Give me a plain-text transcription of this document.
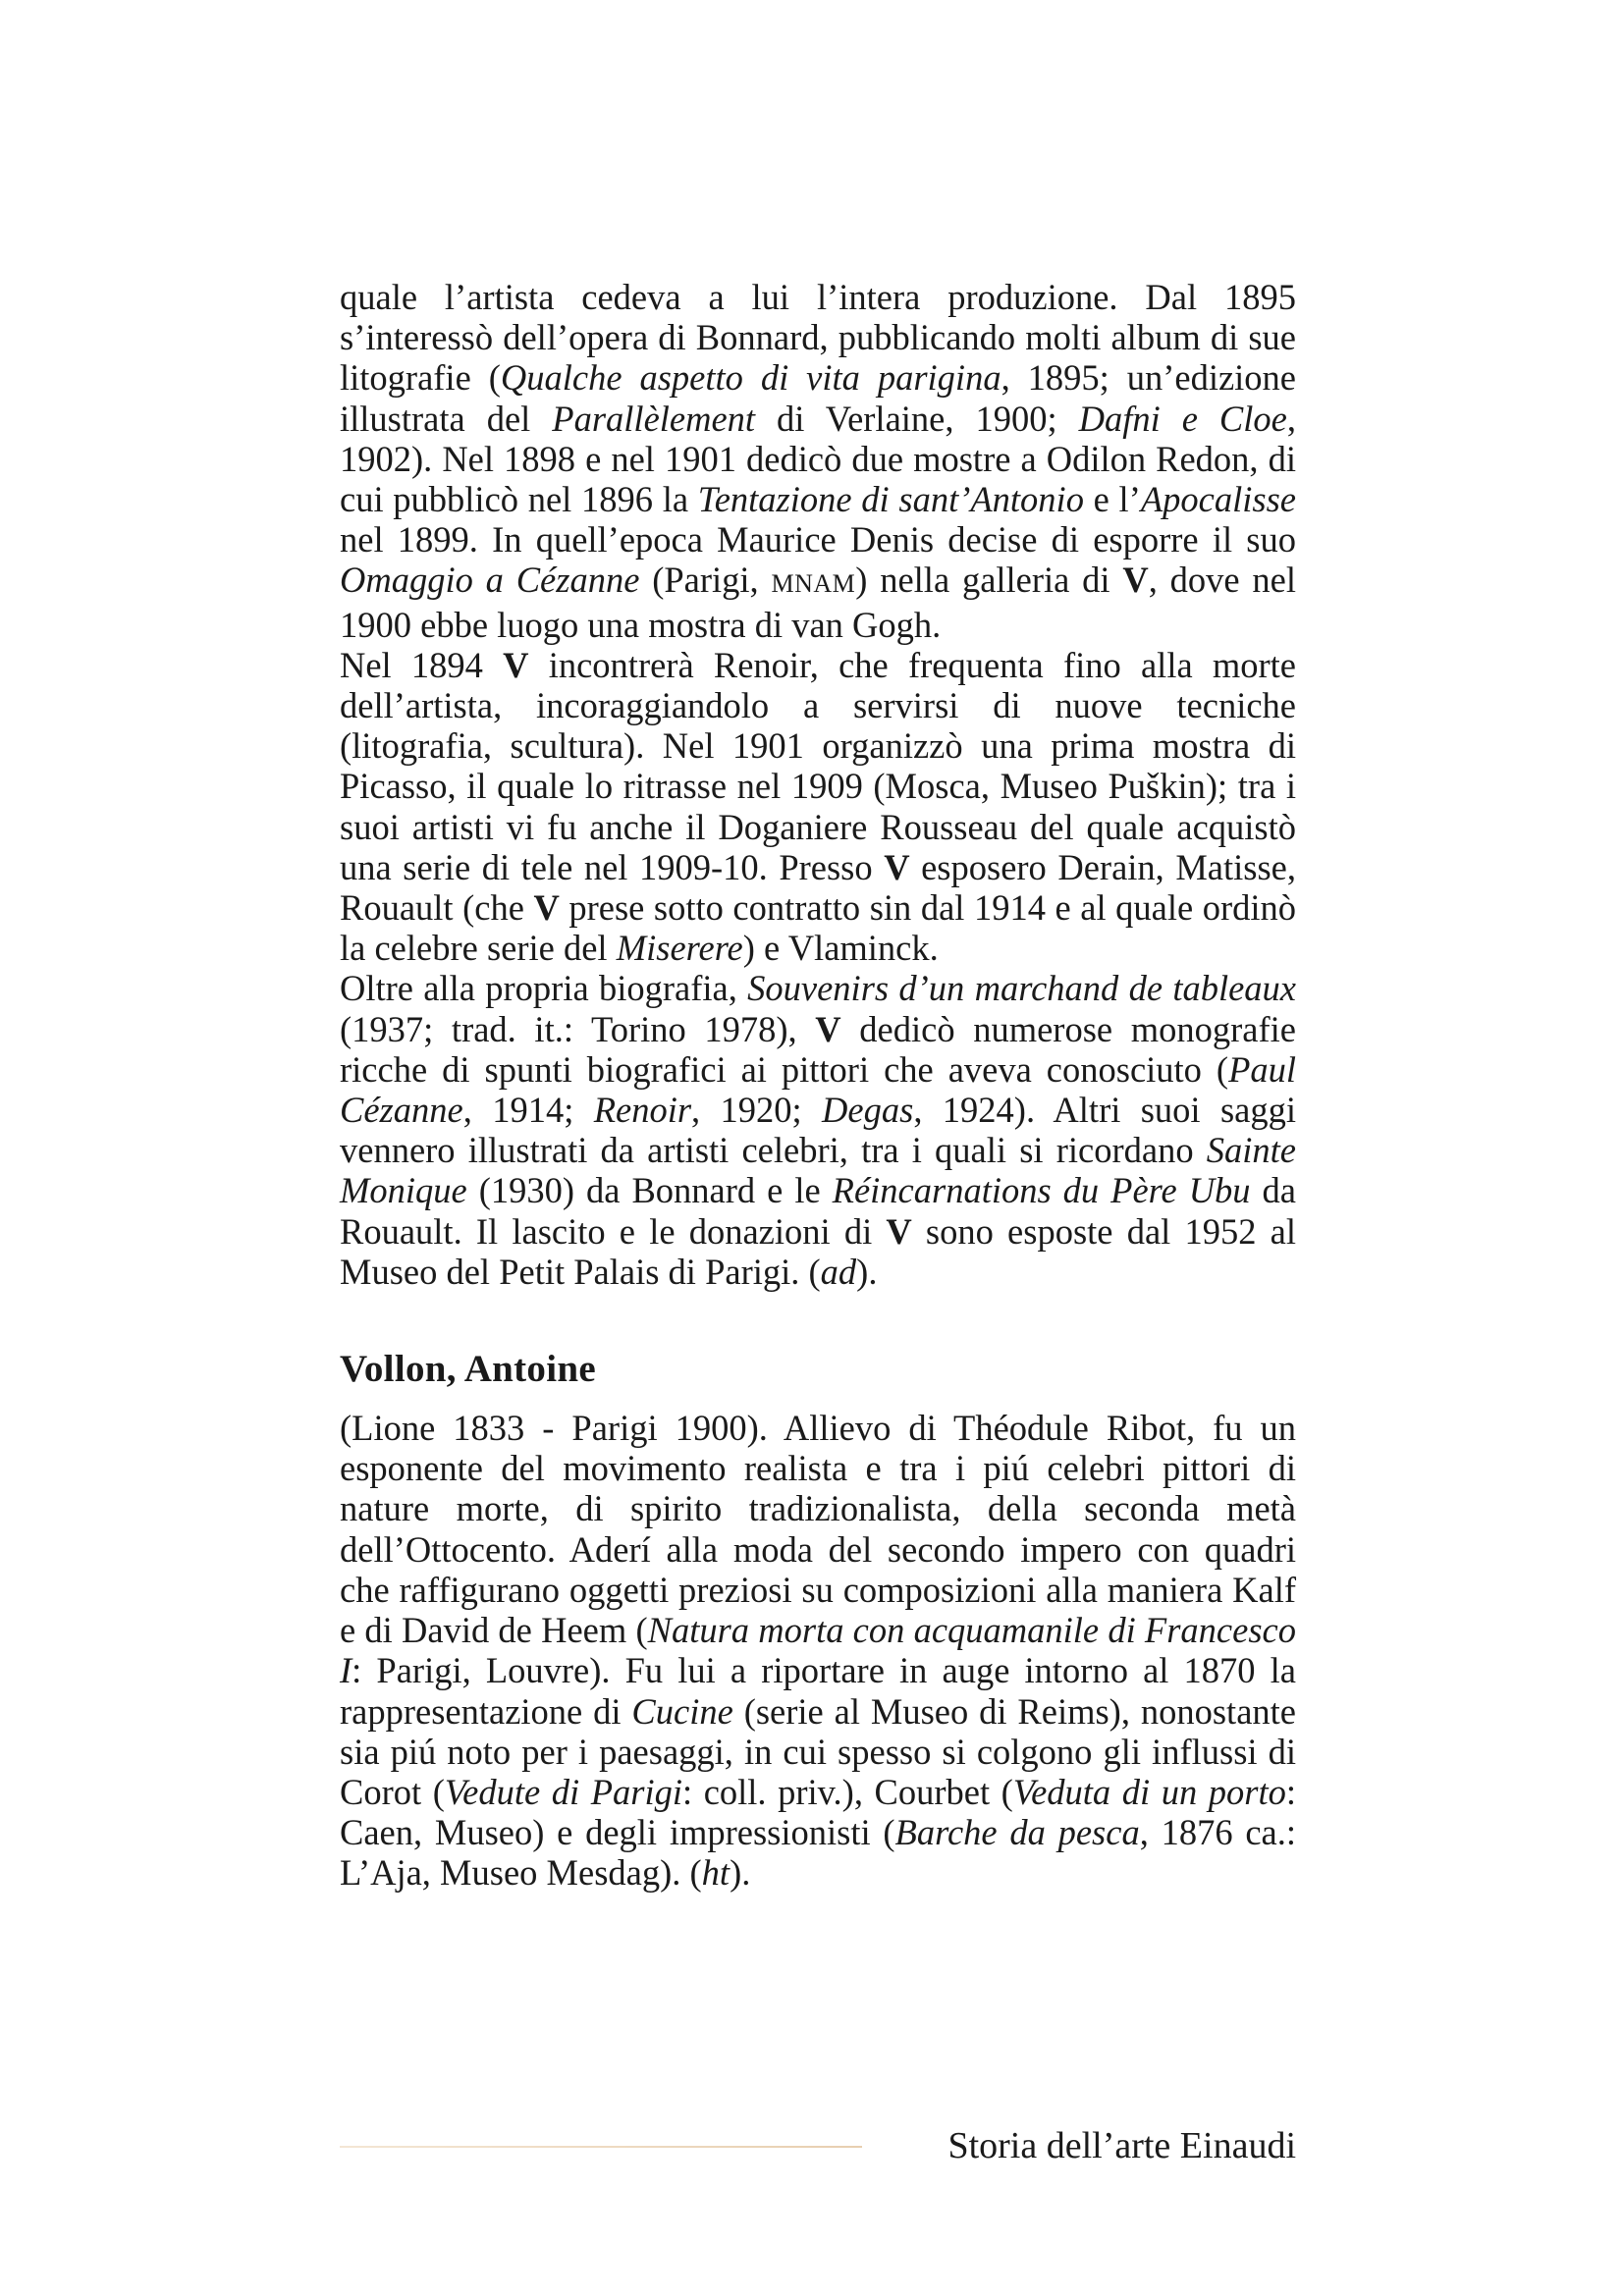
quale l’artista cedeva a lui l’intera produzione. Dal 1895 s’interessò dell’opera di Bonnard, pubblicando molti album di sue litografie (Qualche aspetto di vita parigina, 1895; un’edizione illustrata del Parallèlement di Verlaine, 1900; Dafni e Cloe, 1902). Nel 1898 e nel 1901 dedicò due mostre a Odilon Redon, di cui pubblicò nel 1896 la Tentazione di sant’Antonio e l’Apocalisse nel 1899. In quell’epoca Maurice Denis decise di esporre il suo Omaggio a Cézanne (Parigi, MNAM) nella galleria di V, dove nel 1900 ebbe luogo una mostra di van Gogh.

Nel 1894 V incontrerà Renoir, che frequenta fino alla morte dell’artista, incoraggiandolo a servirsi di nuove tecniche (litografia, scultura). Nel 1901 organizzò una prima mostra di Picasso, il quale lo ritrasse nel 1909 (Mosca, Museo Puškin); tra i suoi artisti vi fu anche il Doganiere Rousseau del quale acquistò una serie di tele nel 1909-10. Presso V esposero Derain, Matisse, Rouault (che V prese sotto contratto sin dal 1914 e al quale ordinò la celebre serie del Miserere) e Vlaminck.

Oltre alla propria biografia, Souvenirs d’un marchand de tableaux (1937; trad. it.: Torino 1978), V dedicò numerose monografie ricche di spunti biografici ai pittori che aveva conosciuto (Paul Cézanne, 1914; Renoir, 1920; Degas, 1924). Altri suoi saggi vennero illustrati da artisti celebri, tra i quali si ricordano Sainte Monique (1930) da Bonnard e le Réincarnations du Père Ubu da Rouault. Il lascito e le donazioni di V sono esposte dal 1952 al Museo del Petit Palais di Parigi. (ad).

Vollon, Antoine

(Lione 1833 - Parigi 1900). Allievo di Théodule Ribot, fu un esponente del movimento realista e tra i piú celebri pittori di nature morte, di spirito tradizionalista, della seconda metà dell’Ottocento. Aderí alla moda del secondo impero con quadri che raffigurano oggetti preziosi su composizioni alla maniera Kalf e di David de Heem (Natura morta con acquamanile di Francesco I: Parigi, Louvre). Fu lui a riportare in auge intorno al 1870 la rappresentazione di Cucine (serie al Museo di Reims), nonostante sia piú noto per i paesaggi, in cui spesso si colgono gli influssi di Corot (Vedute di Parigi: coll. priv.), Courbet (Veduta di un porto: Caen, Museo) e degli impressionisti (Barche da pesca, 1876 ca.: L’Aja, Museo Mesdag). (ht).

Storia dell’arte Einaudi
